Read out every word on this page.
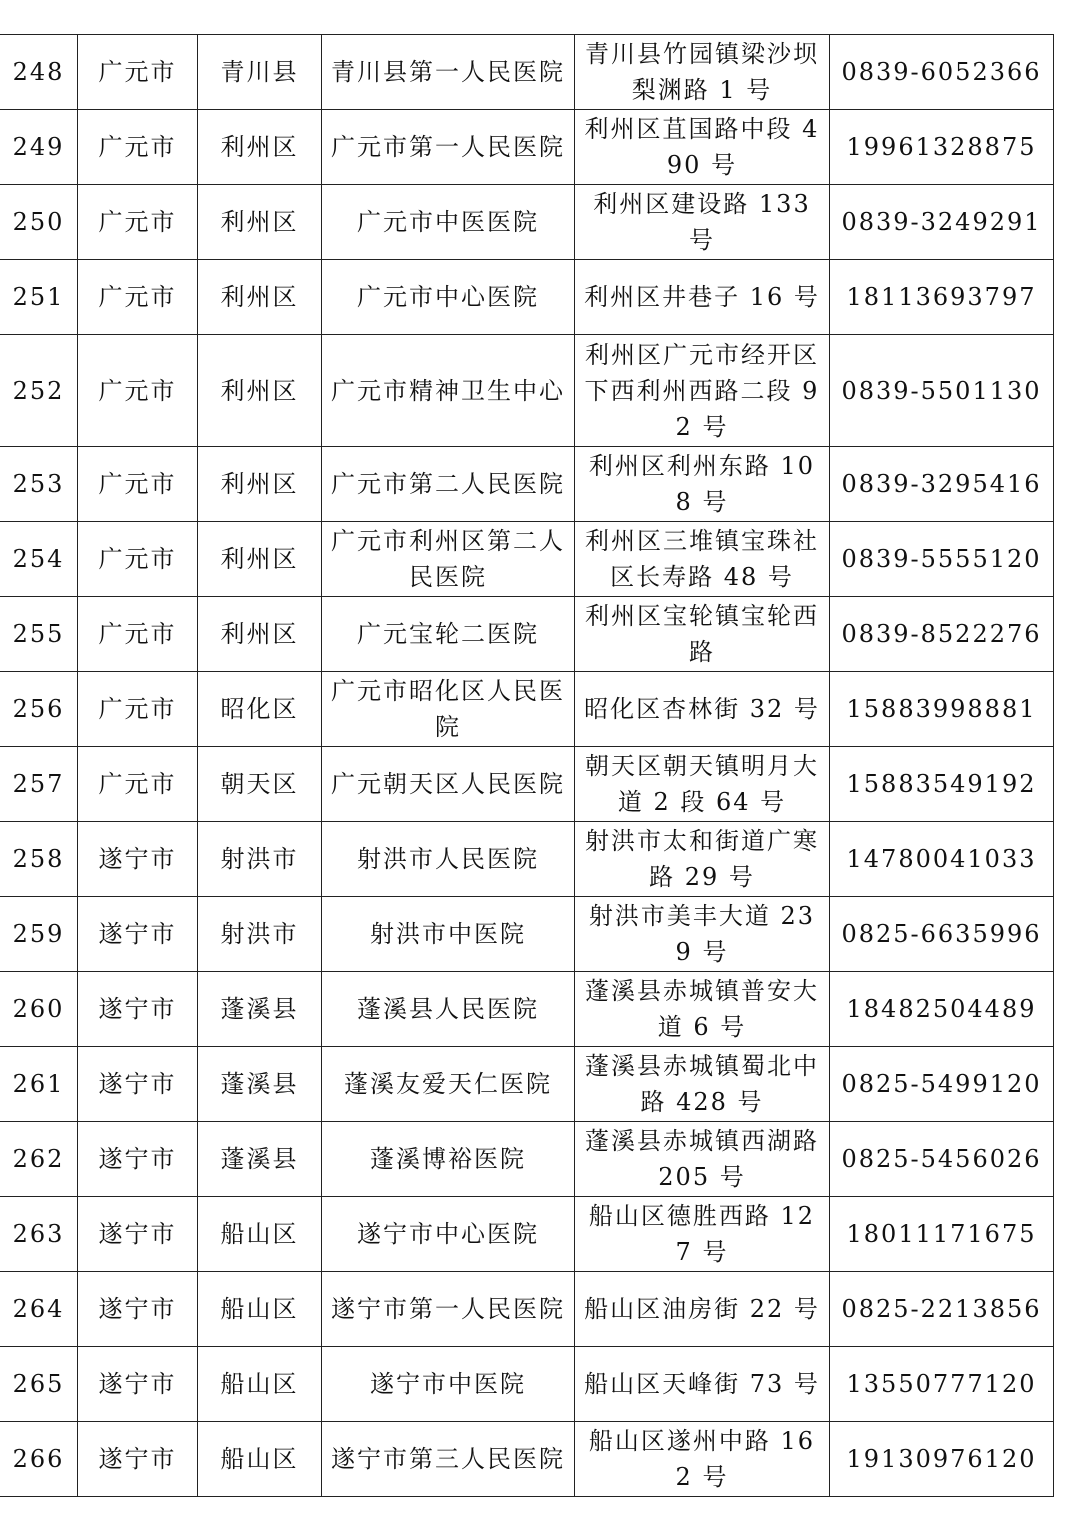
248	广元市	青川县	青川县第一人民医院	青川县竹园镇梁沙坝梨渊路 1 号	0839-6052366
249	广元市	利州区	广元市第一人民医院	利州区苴国路中段 490 号	19961328875
250	广元市	利州区	广元市中医医院	利州区建设路 133 号	0839-3249291
251	广元市	利州区	广元市中心医院	利州区井巷子 16 号	18113693797
252	广元市	利州区	广元市精神卫生中心	利州区广元市经开区下西利州西路二段 92 号	0839-5501130
253	广元市	利州区	广元市第二人民医院	利州区利州东路 108 号	0839-3295416
254	广元市	利州区	广元市利州区第二人民医院	利州区三堆镇宝珠社区长寿路 48 号	0839-5555120
255	广元市	利州区	广元宝轮二医院	利州区宝轮镇宝轮西路	0839-8522276
256	广元市	昭化区	广元市昭化区人民医院	昭化区杏林街 32 号	15883998881
257	广元市	朝天区	广元朝天区人民医院	朝天区朝天镇明月大道 2 段 64 号	15883549192
258	遂宁市	射洪市	射洪市人民医院	射洪市太和街道广寒路 29 号	14780041033
259	遂宁市	射洪市	射洪市中医院	射洪市美丰大道 239 号	0825-6635996
260	遂宁市	蓬溪县	蓬溪县人民医院	蓬溪县赤城镇普安大道 6 号	18482504489
261	遂宁市	蓬溪县	蓬溪友爱天仁医院	蓬溪县赤城镇蜀北中路 428 号	0825-5499120
262	遂宁市	蓬溪县	蓬溪博裕医院	蓬溪县赤城镇西湖路 205 号	0825-5456026
263	遂宁市	船山区	遂宁市中心医院	船山区德胜西路 127 号	18011171675
264	遂宁市	船山区	遂宁市第一人民医院	船山区油房街 22 号	0825-2213856
265	遂宁市	船山区	遂宁市中医院	船山区天峰街 73 号	13550777120
266	遂宁市	船山区	遂宁市第三人民医院	船山区遂州中路 162 号	19130976120
